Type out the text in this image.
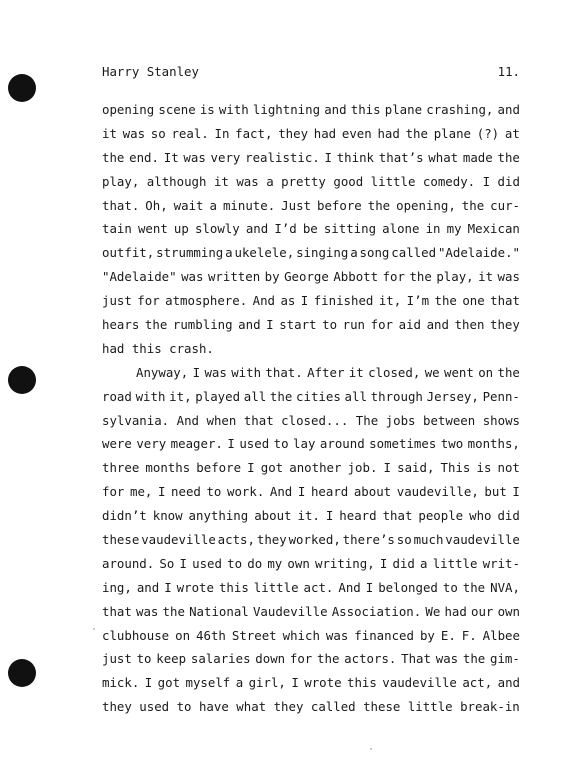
Harry Stanley	11.
opening scene is with lightning and this plane crashing, and
it was so real. In fact, they had even had the plane (?) at
the end. It was very realistic. I think that’s what made the
play, although it was a pretty good little comedy. I did
that. Oh, wait a minute. Just before the opening, the cur-
tain went up slowly and I’d be sitting alone in my Mexican
outfit, strumming a ukelele, singing a song called "Adelaide."
"Adelaide" was written by George Abbott for the play, it was
just for atmosphere. And as I finished it, I’m the one that
hears the rumbling and I start to run for aid and then they
had this crash.
Anyway, I was with that. After it closed, we went on the
road with it, played all the cities all through Jersey, Penn-
sylvania. And when that closed... The jobs between shows
were very meager. I used to lay around sometimes two months,
three months before I got another job. I said, This is not
for me, I need to work. And I heard about vaudeville, but I
didn’t know anything about it. I heard that people who did
these vaudeville acts, they worked, there’s so much vaudeville
around. So I used to do my own writing, I did a little writ-
ing, and I wrote this little act. And I belonged to the NVA,
that was the National Vaudeville Association. We had our own
clubhouse on 46th Street which was financed by E. F. Albee
just to keep salaries down for the actors. That was the gim-
mick. I got myself a girl, I wrote this vaudeville act, and
they used to have what they called these little break-in
